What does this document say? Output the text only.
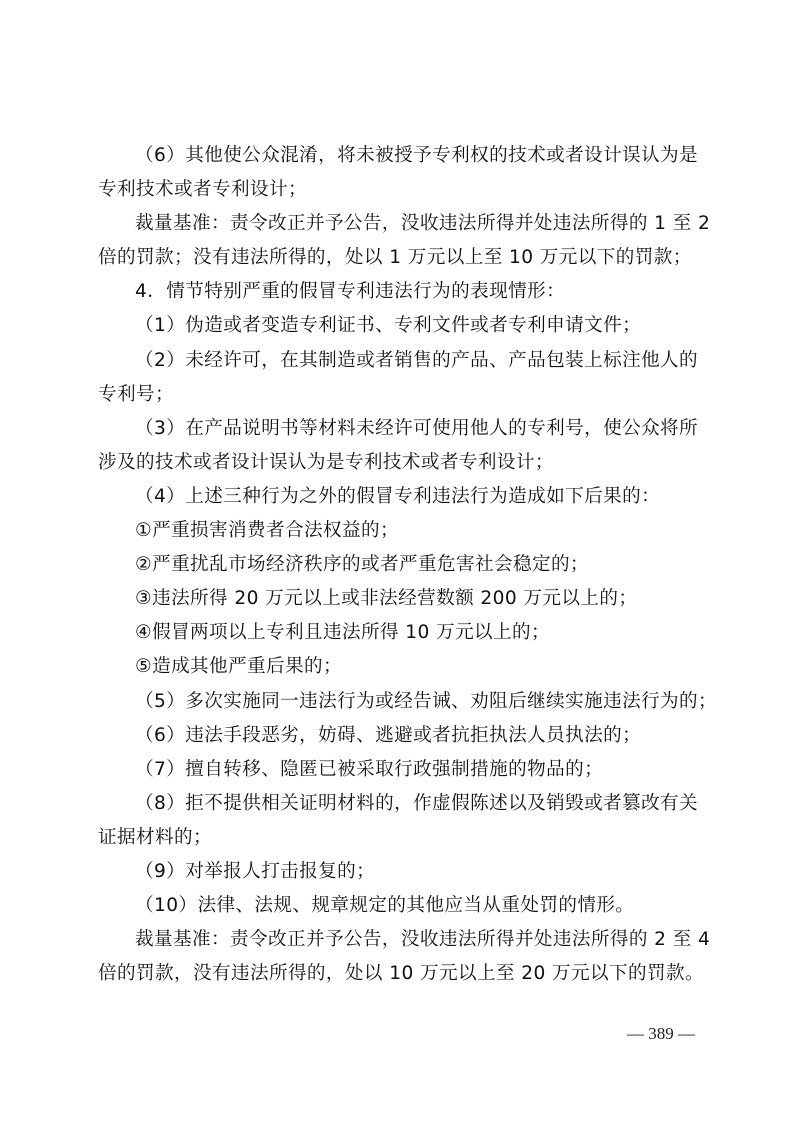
（6）其他使公众混淆，将未被授予专利权的技术或者设计误认为是
专利技术或者专利设计；
裁量基准：责令改正并予公告，没收违法所得并处违法所得的 1 至 2
倍的罚款；没有违法所得的，处以 1 万元以上至 10 万元以下的罚款；
4．情节特别严重的假冒专利违法行为的表现情形：
（1）伪造或者变造专利证书、专利文件或者专利申请文件；
（2）未经许可，在其制造或者销售的产品、产品包装上标注他人的
专利号；
（3）在产品说明书等材料未经许可使用他人的专利号，使公众将所
涉及的技术或者设计误认为是专利技术或者专利设计；
（4）上述三种行为之外的假冒专利违法行为造成如下后果的：
①严重损害消费者合法权益的；
②严重扰乱市场经济秩序的或者严重危害社会稳定的；
③违法所得 20 万元以上或非法经营数额 200 万元以上的；
④假冒两项以上专利且违法所得 10 万元以上的；
⑤造成其他严重后果的；
（5）多次实施同一违法行为或经告诫、劝阻后继续实施违法行为的；
（6）违法手段恶劣，妨碍、逃避或者抗拒执法人员执法的；
（7）擅自转移、隐匿已被采取行政强制措施的物品的；
（8）拒不提供相关证明材料的，作虚假陈述以及销毁或者篡改有关
证据材料的；
（9）对举报人打击报复的；
（10）法律、法规、规章规定的其他应当从重处罚的情形。
裁量基准：责令改正并予公告，没收违法所得并处违法所得的 2 至 4
倍的罚款，没有违法所得的，处以 10 万元以上至 20 万元以下的罚款。
— 389 —
